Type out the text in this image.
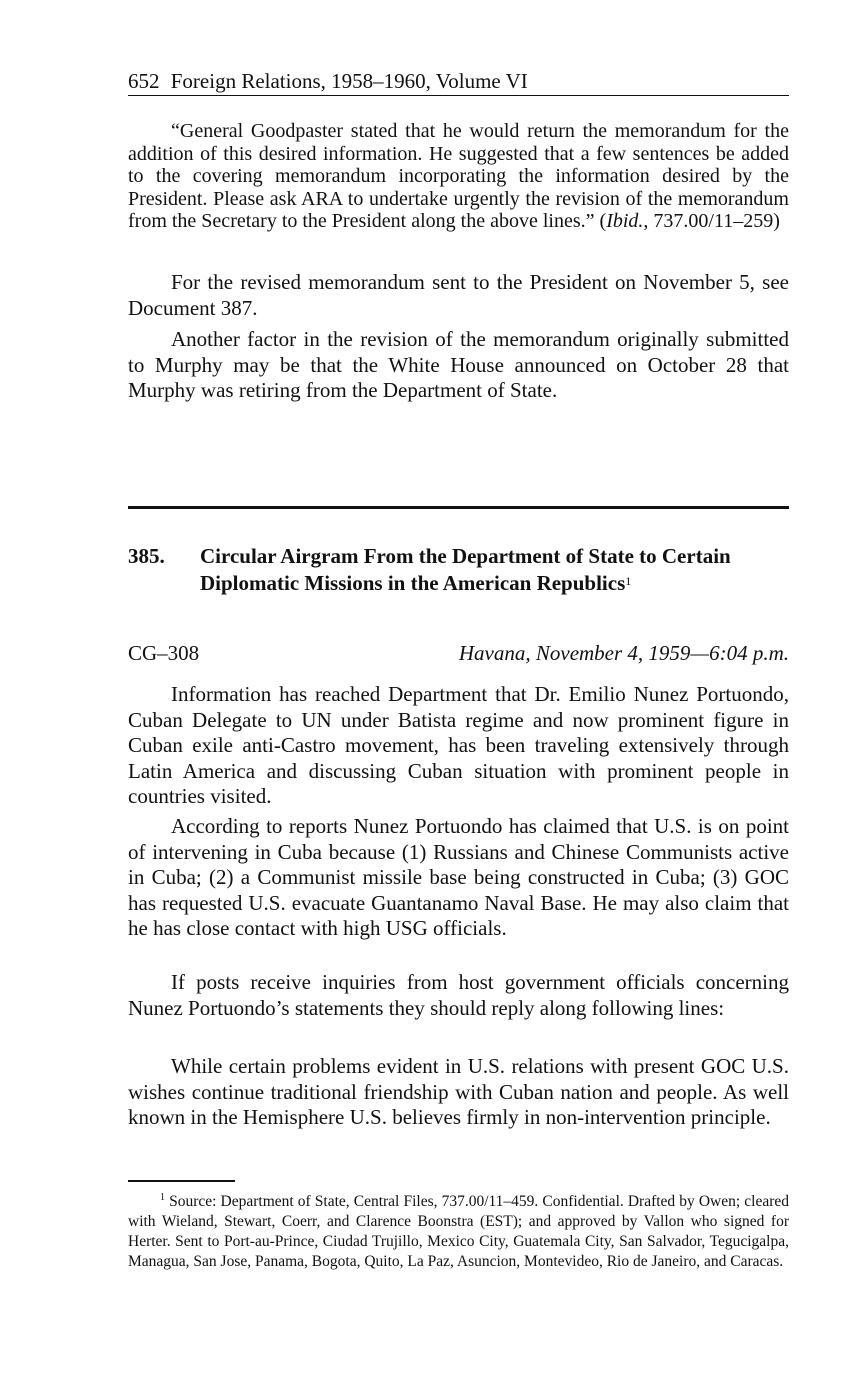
652 Foreign Relations, 1958–1960, Volume VI

“General Goodpaster stated that he would return the memorandum for the addition of this desired information. He suggested that a few sentences be added to the covering memorandum incorporating the information desired by the President. Please ask ARA to undertake urgently the revision of the memorandum from the Secretary to the President along the above lines.” (Ibid., 737.00/11–259)

For the revised memorandum sent to the President on November 5, see Document 387.

Another factor in the revision of the memorandum originally submitted to Murphy may be that the White House announced on October 28 that Murphy was retiring from the Department of State.

385. Circular Airgram From the Department of State to Certain Diplomatic Missions in the American Republics$^1$
CG–308	Havana, November 4, 1959—6:04 p.m.

Information has reached Department that Dr. Emilio Nunez Portuondo, Cuban Delegate to UN under Batista regime and now prominent figure in Cuban exile anti-Castro movement, has been traveling extensively through Latin America and discussing Cuban situation with prominent people in countries visited.

According to reports Nunez Portuondo has claimed that U.S. is on point of intervening in Cuba because (1) Russians and Chinese Communists active in Cuba; (2) a Communist missile base being constructed in Cuba; (3) GOC has requested U.S. evacuate Guantanamo Naval Base. He may also claim that he has close contact with high USG officials.

If posts receive inquiries from host government officials concerning Nunez Portuondo’s statements they should reply along following lines:

While certain problems evident in U.S. relations with present GOC U.S. wishes continue traditional friendship with Cuban nation and people. As well known in the Hemisphere U.S. believes firmly in non-intervention principle.

$^1$ Source: Department of State, Central Files, 737.00/11–459. Confidential. Drafted by Owen; cleared with Wieland, Stewart, Coerr, and Clarence Boonstra (EST); and approved by Vallon who signed for Herter. Sent to Port-au-Prince, Ciudad Trujillo, Mexico City, Guatemala City, San Salvador, Tegucigalpa, Managua, San Jose, Panama, Bogota, Quito, La Paz, Asuncion, Montevideo, Rio de Janeiro, and Caracas.
